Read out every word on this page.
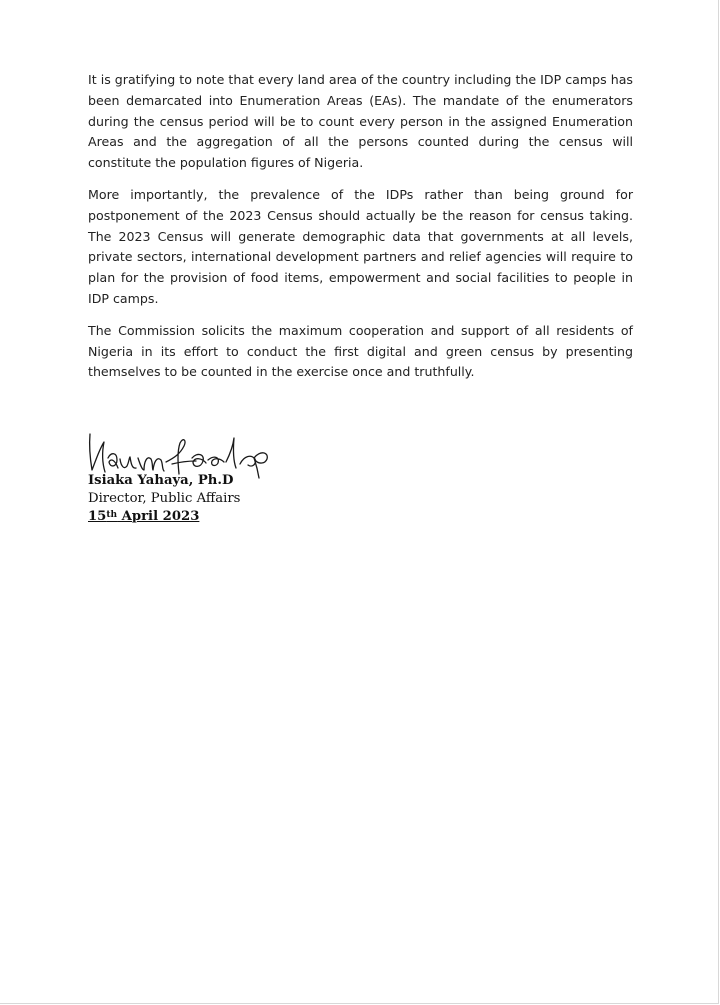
It is gratifying to note that every land area of the country including the IDP camps has been demarcated into Enumeration Areas (EAs). The mandate of the enumerators during the census period will be to count every person in the assigned Enumeration Areas and the aggregation of all the persons counted during the census will constitute the population figures of Nigeria.

More importantly, the prevalence of the IDPs rather than being ground for postponement of the 2023 Census should actually be the reason for census taking. The 2023 Census will generate demographic data that governments at all levels, private sectors, international development partners and relief agencies will require to plan for the provision of food items, empowerment and social facilities to people in IDP camps.

The Commission solicits the maximum cooperation and support of all residents of Nigeria in its effort to conduct the first digital and green census by presenting themselves to be counted in the exercise once and truthfully.

Isiaka Yahaya, Ph.D
Director, Public Affairs
15th April 2023
